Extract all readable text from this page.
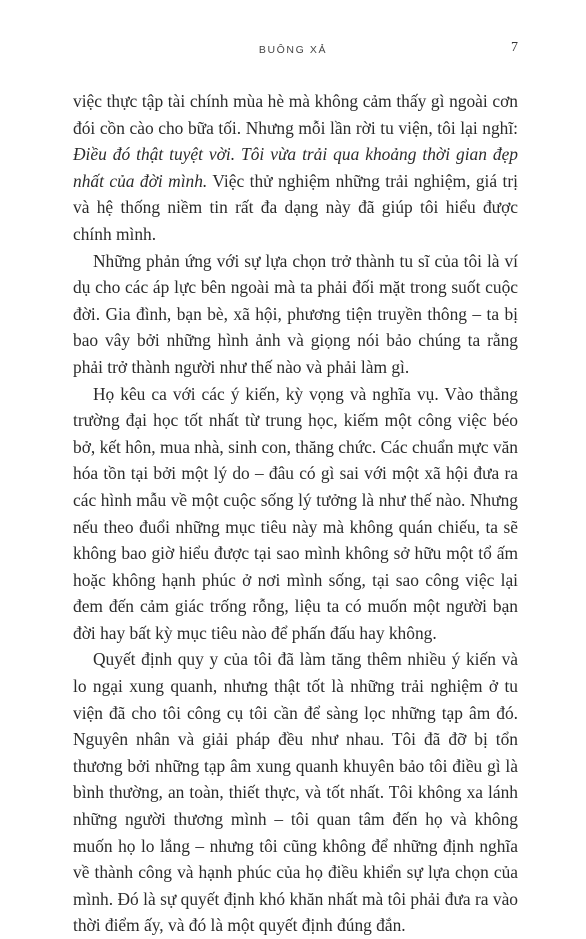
BUÔNG XẢ	7

việc thực tập tài chính mùa hè mà không cảm thấy gì ngoài cơn đói cồn cào cho bữa tối. Nhưng mỗi lần rời tu viện, tôi lại nghĩ: Điều đó thật tuyệt vời. Tôi vừa trải qua khoảng thời gian đẹp nhất của đời mình. Việc thử nghiệm những trải nghiệm, giá trị và hệ thống niềm tin rất đa dạng này đã giúp tôi hiểu được chính mình.

Những phản ứng với sự lựa chọn trở thành tu sĩ của tôi là ví dụ cho các áp lực bên ngoài mà ta phải đối mặt trong suốt cuộc đời. Gia đình, bạn bè, xã hội, phương tiện truyền thông – ta bị bao vây bởi những hình ảnh và giọng nói bảo chúng ta rằng phải trở thành người như thế nào và phải làm gì.

Họ kêu ca với các ý kiến, kỳ vọng và nghĩa vụ. Vào thẳng trường đại học tốt nhất từ trung học, kiếm một công việc béo bở, kết hôn, mua nhà, sinh con, thăng chức. Các chuẩn mực văn hóa tồn tại bởi một lý do – đâu có gì sai với một xã hội đưa ra các hình mẫu về một cuộc sống lý tưởng là như thế nào. Nhưng nếu theo đuổi những mục tiêu này mà không quán chiếu, ta sẽ không bao giờ hiểu được tại sao mình không sở hữu một tổ ấm hoặc không hạnh phúc ở nơi mình sống, tại sao công việc lại đem đến cảm giác trống rỗng, liệu ta có muốn một người bạn đời hay bất kỳ mục tiêu nào để phấn đấu hay không.

Quyết định quy y của tôi đã làm tăng thêm nhiều ý kiến và lo ngại xung quanh, nhưng thật tốt là những trải nghiệm ở tu viện đã cho tôi công cụ tôi cần để sàng lọc những tạp âm đó. Nguyên nhân và giải pháp đều như nhau. Tôi đã đỡ bị tổn thương bởi những tạp âm xung quanh khuyên bảo tôi điều gì là bình thường, an toàn, thiết thực, và tốt nhất. Tôi không xa lánh những người thương mình – tôi quan tâm đến họ và không muốn họ lo lắng – nhưng tôi cũng không để những định nghĩa về thành công và hạnh phúc của họ điều khiển sự lựa chọn của mình. Đó là sự quyết định khó khăn nhất mà tôi phải đưa ra vào thời điểm ấy, và đó là một quyết định đúng đắn.
